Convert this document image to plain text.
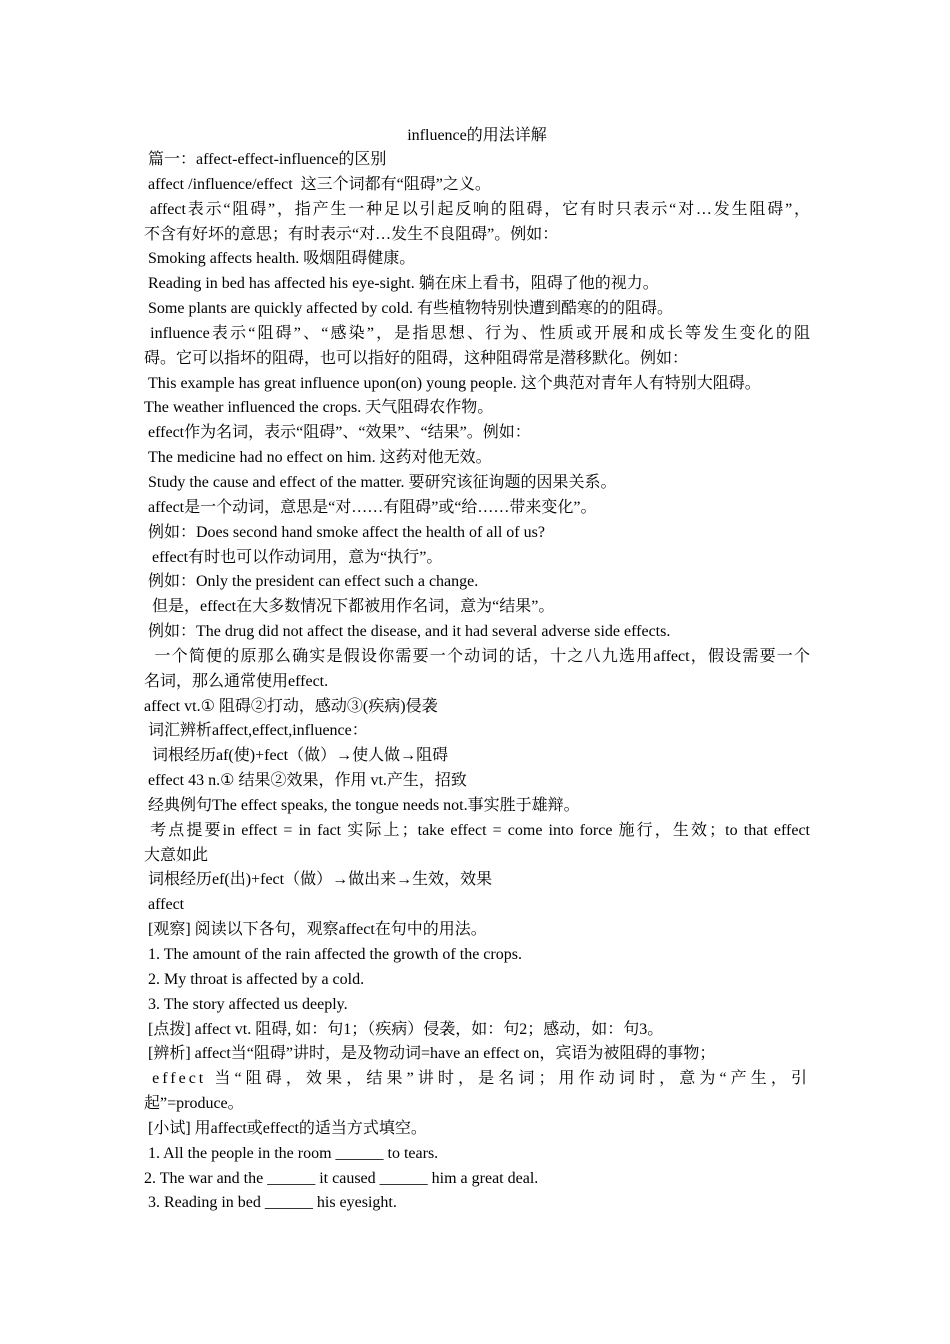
influence的用法详解

篇一：affect-effect-influence的区别

affect /influence/effect  这三个词都有“阻碍”之义。

affect表示“阻碍”，指产生一种足以引起反响的阻碍，它有时只表示“对…发生阻碍”，

不含有好坏的意思；有时表示“对…发生不良阻碍”。例如：

Smoking affects health. 吸烟阻碍健康。

Reading in bed has affected his eye-sight. 躺在床上看书，阻碍了他的视力。

Some plants are quickly affected by cold. 有些植物特别快遭到酷寒的的阻碍。

influence表示“阻碍”、“感染”，是指思想、行为、性质或开展和成长等发生变化的阻

碍。它可以指坏的阻碍，也可以指好的阻碍，这种阻碍常是潜移默化。例如：

This example has great influence upon(on) young people. 这个典范对青年人有特别大阻碍。

The weather influenced the crops. 天气阻碍农作物。

effect作为名词，表示“阻碍”、“效果”、“结果”。例如：

The medicine had no effect on him. 这药对他无效。

Study the cause and effect of the matter. 要研究该征询题的因果关系。

affect是一个动词，意思是“对……有阻碍”或“给……带来变化”。

例如：Does second hand smoke affect the health of all of us?

effect有时也可以作动词用，意为“执行”。

例如：Only the president can effect such a change.

但是，effect在大多数情况下都被用作名词，意为“结果”。

例如：The drug did not affect the disease, and it had several adverse side effects.

一个简便的原那么确实是假设你需要一个动词的话，十之八九选用affect，假设需要一个

名词，那么通常使用effect.

affect vt.① 阻碍②打动，感动③(疾病)侵袭

词汇辨析affect,effect,influence：

词根经历af(使)+fect（做）→使人做→阻碍

effect 43 n.① 结果②效果，作用 vt.产生，招致

经典例句The effect speaks, the tongue needs not.事实胜于雄辩。

考点提要in effect = in fact 实际上；take effect = come into force 施行，生效；to that effect

大意如此

词根经历ef(出)+fect（做）→做出来→生效，效果

affect

[观察] 阅读以下各句，观察affect在句中的用法。

1. The amount of the rain affected the growth of the crops.

2. My throat is affected by a cold.

3. The story affected us deeply.

[点拨] affect vt. 阻碍, 如：句1；（疾病）侵袭，如：句2；感动，如：句3。

[辨析] affect当“阻碍”讲时，是及物动词=have an effect on，宾语为被阻碍的事物；

effect 当“阻碍，效果，结果”讲时，是名词；用作动词时，意为“产生，引

起”=produce。

[小试] 用affect或effect的适当方式填空。

1. All the people in the room ______ to tears.

2. The war and the ______ it caused ______ him a great deal.

3. Reading in bed ______ his eyesight.
